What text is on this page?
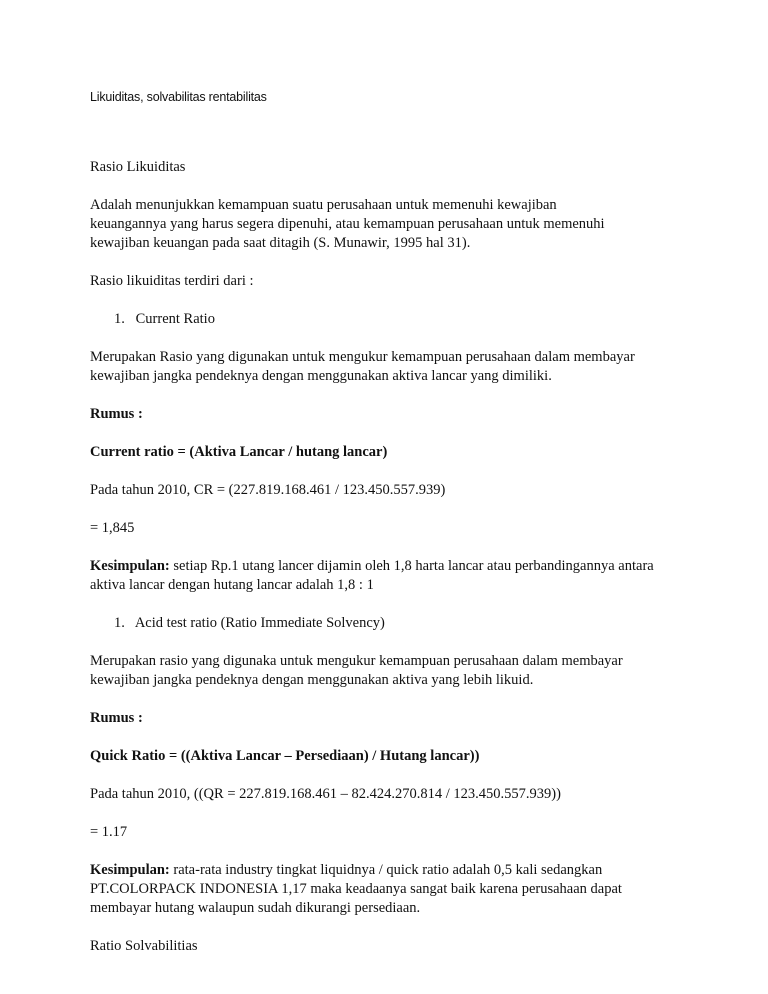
Likuiditas, solvabilitas rentabilitas

Rasio Likuiditas

Adalah menunjukkan kemampuan suatu perusahaan untuk memenuhi kewajiban
keuangannya yang harus segera dipenuhi, atau kemampuan perusahaan untuk memenuhi
kewajiban keuangan pada saat ditagih (S. Munawir, 1995 hal 31).

Rasio likuiditas terdiri dari :

1. Current Ratio

Merupakan Rasio yang digunakan untuk mengukur kemampuan perusahaan dalam membayar
kewajiban jangka pendeknya dengan menggunakan aktiva lancar yang dimiliki.

Rumus :

Current ratio = (Aktiva Lancar / hutang lancar)

Pada tahun 2010, CR = (227.819.168.461 / 123.450.557.939)

= 1,845

Kesimpulan: setiap Rp.1 utang lancer dijamin oleh 1,8 harta lancar atau perbandingannya antara
aktiva lancar dengan hutang lancar adalah 1,8 : 1

1. Acid test ratio (Ratio Immediate Solvency)

Merupakan rasio yang digunaka untuk mengukur kemampuan perusahaan dalam membayar
kewajiban jangka pendeknya dengan menggunakan aktiva yang lebih likuid.

Rumus :

Quick Ratio = ((Aktiva Lancar – Persediaan) / Hutang lancar))

Pada tahun 2010, ((QR = 227.819.168.461 – 82.424.270.814 / 123.450.557.939))

= 1.17

Kesimpulan: rata-rata industry tingkat liquidnya / quick ratio adalah 0,5 kali sedangkan
PT.COLORPACK INDONESIA 1,17 maka keadaanya sangat baik karena perusahaan dapat
membayar hutang walaupun sudah dikurangi persediaan.

Ratio Solvabilitias
